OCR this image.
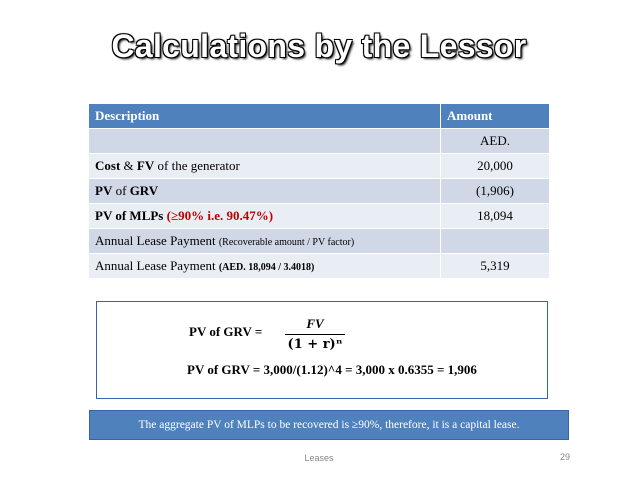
Calculations by the Lessor
Description	Amount
	AED.
Cost & FV of the generator	20,000
PV of GRV	(1,906)
PV of MLPs (≥90% i.e. 90.47%)	18,094
Annual Lease Payment (Recoverable amount / PV factor)	
Annual Lease Payment (AED. 18,094 / 3.4018)	5,319
PV of GRV =
FV
(1 + r)ⁿ
PV of GRV = 3,000/(1.12)^4 = 3,000 x 0.6355 = 1,906
The aggregate PV of MLPs to be recovered is ≥90%, therefore, it is a capital lease.
Leases	29
